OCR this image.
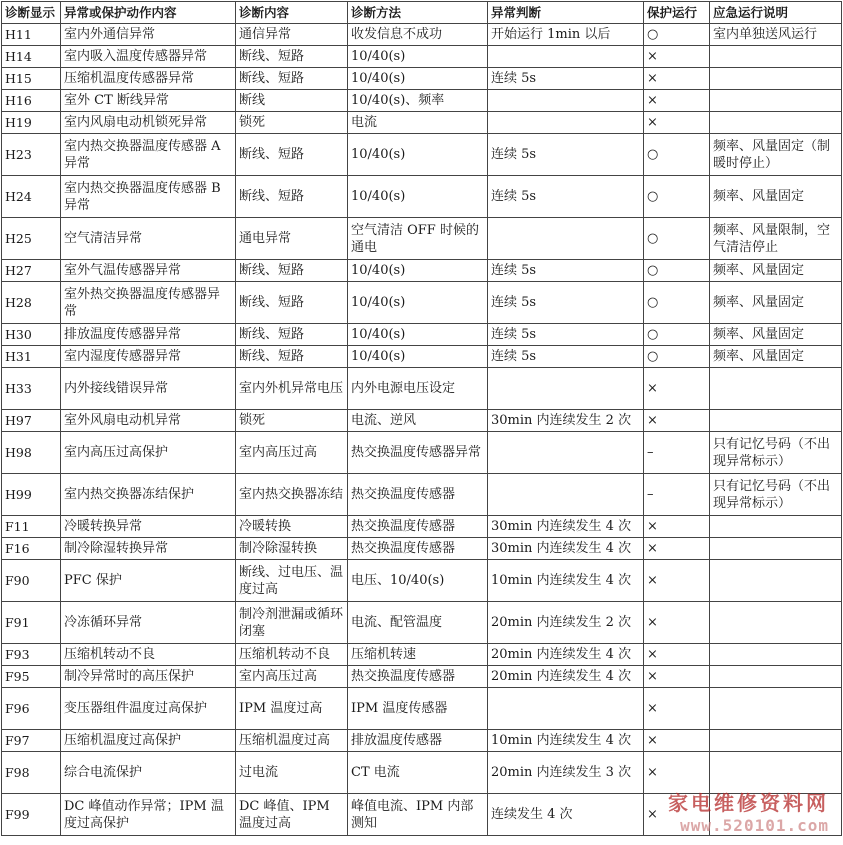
诊断显示	异常或保护动作内容	诊断内容	诊断方法	异常判断	保护运行	应急运行说明
H11	室内外通信异常	通信异常	收发信息不成功	开始运行 1min 以后	○	室内单独送风运行
H14	室内吸入温度传感器异常	断线、短路	10/40(s)		×	
H15	压缩机温度传感器异常	断线、短路	10/40(s)	连续 5s	×	
H16	室外 CT 断线异常	断线	10/40(s)、频率		×	
H19	室内风扇电动机锁死异常	锁死	电流		×	
H23	室内热交换器温度传感器 A 异常	断线、短路	10/40(s)	连续 5s	○	频率、风量固定（制暖时停止）
H24	室内热交换器温度传感器 B 异常	断线、短路	10/40(s)	连续 5s	○	频率、风量固定
H25	空气清洁异常	通电异常	空气清洁 OFF 时候的通电		○	频率、风量限制，空气清洁停止
H27	室外气温传感器异常	断线、短路	10/40(s)	连续 5s	○	频率、风量固定
H28	室外热交换器温度传感器异常	断线、短路	10/40(s)	连续 5s	○	频率、风量固定
H30	排放温度传感器异常	断线、短路	10/40(s)	连续 5s	○	频率、风量固定
H31	室内湿度传感器异常	断线、短路	10/40(s)	连续 5s	○	频率、风量固定
H33	内外接线错误异常	室内外机异常电压	内外电源电压设定		×	
H97	室外风扇电动机异常	锁死	电流、逆风	30min 内连续发生 2 次	×	
H98	室内高压过高保护	室内高压过高	热交换温度传感器异常		–	只有记忆号码（不出现异常标示）
H99	室内热交换器冻结保护	室内热交换器冻结	热交换温度传感器		–	只有记忆号码（不出现异常标示）
F11	冷暖转换异常	冷暖转换	热交换温度传感器	30min 内连续发生 4 次	×	
F16	制冷除湿转换异常	制冷除湿转换	热交换温度传感器	30min 内连续发生 4 次	×	
F90	PFC 保护	断线、过电压、温度过高	电压、10/40(s)	10min 内连续发生 4 次	×	
F91	冷冻循环异常	制冷剂泄漏或循环闭塞	电流、配管温度	20min 内连续发生 2 次	×	
F93	压缩机转动不良	压缩机转动不良	压缩机转速	20min 内连续发生 4 次	×	
F95	制冷异常时的高压保护	室内高压过高	热交换温度传感器	20min 内连续发生 4 次	×	
F96	变压器组件温度过高保护	IPM 温度过高	IPM 温度传感器		×	
F97	压缩机温度过高保护	压缩机温度过高	排放温度传感器	10min 内连续发生 4 次	×	
F98	综合电流保护	过电流	CT 电流	20min 内连续发生 3 次	×	
F99	DC 峰值动作异常；IPM 温度过高保护	DC 峰值、IPM 温度过高	峰值电流、IPM 内部测知	连续发生 4 次	×	家电维修资料网
www.520101.com
